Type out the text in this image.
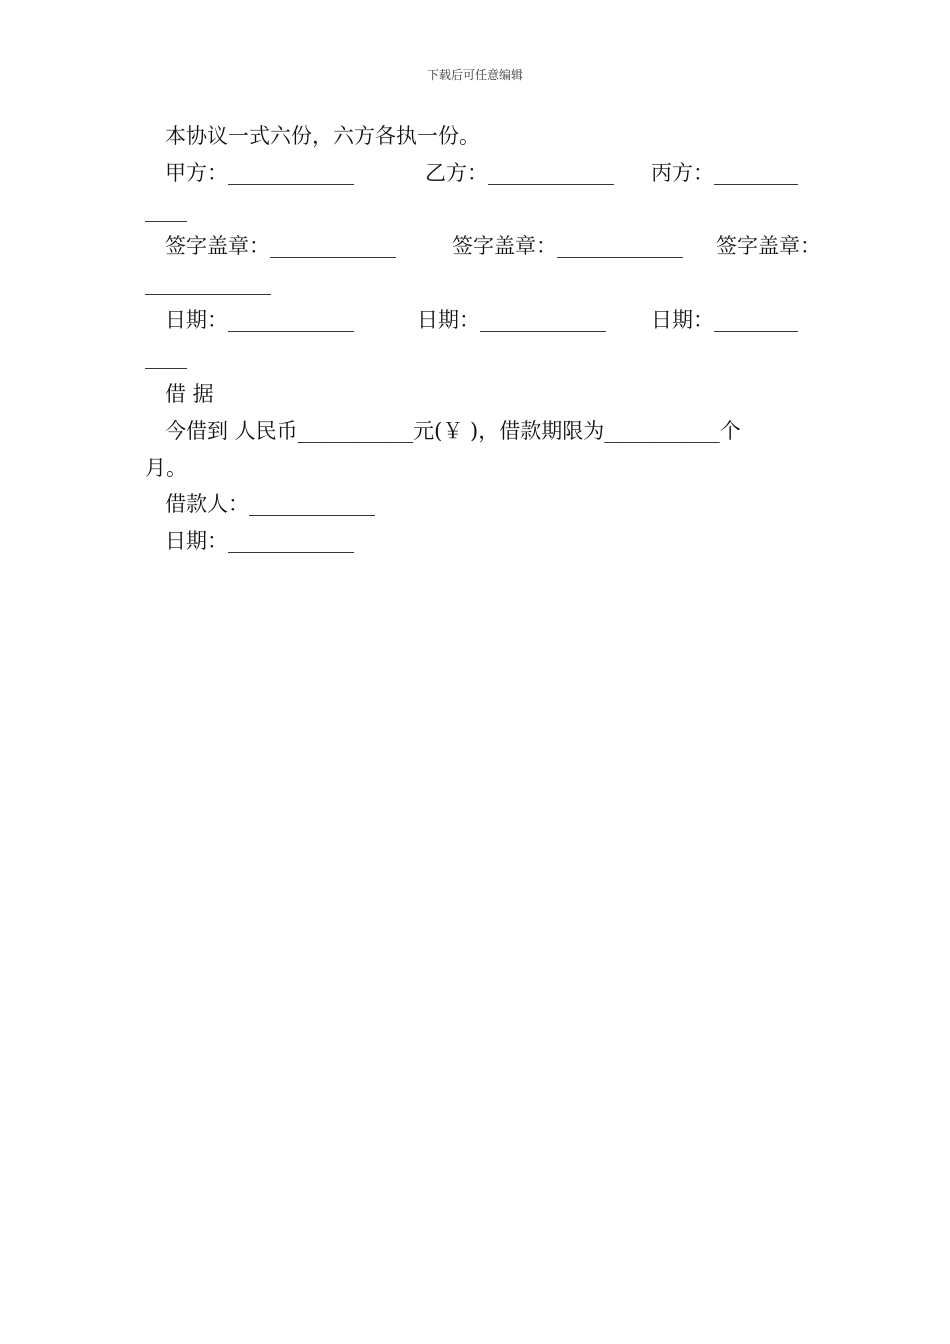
下载后可任意编辑
本协议一式六份，六方各执一份。
甲方：____________	乙方：____________ 丙方：________
____
签字盖章：____________	签字盖章：____________ 签字盖章：
____________
日期：____________	日期：____________ 日期：________
____
借 据
今借到 人民币___________元(￥ )，借款期限为___________个
月。
借款人：____________
日期：____________
